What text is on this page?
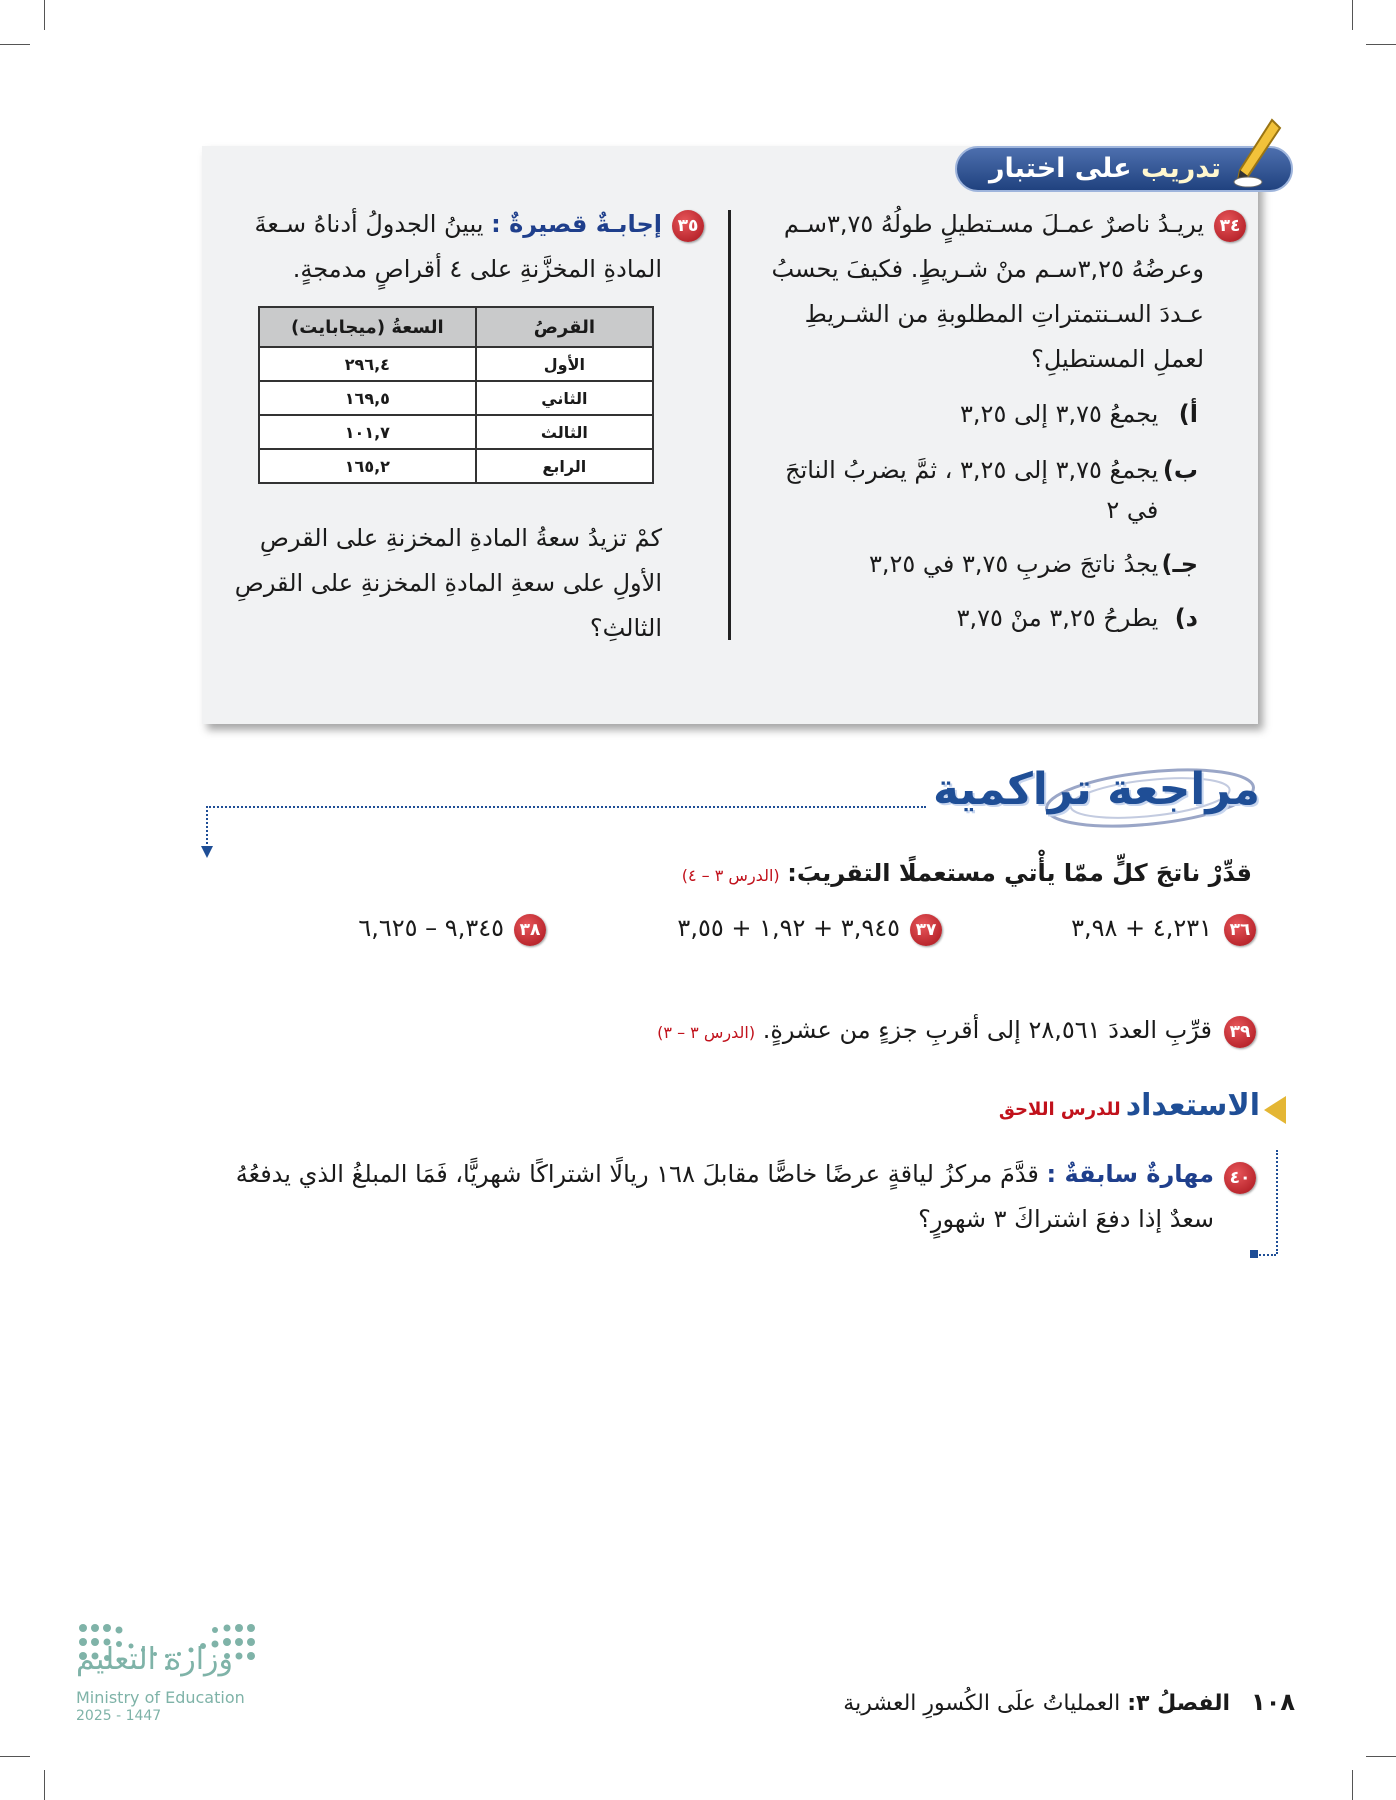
تدريب على اختبار
٣٤
يريـدُ ناصرٌ عمـلَ مسـتطيلٍ طولُهُ ٣,٧٥سـم وعرضُهُ ٣,٢٥سـم منْ شـريطٍ. فكيفَ يحسبُ عـددَ السـنتمتراتِ المطلوبةِ من الشـريطِ لعملِ المستطيلِ؟
أ) يجمعُ ٣,٧٥ إلى ٣,٢٥
ب) يجمعُ ٣,٧٥ إلى ٣,٢٥ ، ثمَّ يضربُ الناتجَ في ٢
جـ) يجدُ ناتجَ ضربِ ٣,٧٥ في ٣,٢٥
د) يطرحُ ٣,٢٥ منْ ٣,٧٥
٣٥
إجابـةٌ قصيرةٌ : يبينُ الجدولُ أدناهُ سـعةَ المادةِ المخزَّنةِ على ٤ أقراصٍ مدمجةٍ.
القرصُ	السعةُ (ميجابايت)
الأول	٢٩٦,٤
الثاني	١٦٩,٥
الثالث	١٠١,٧
الرابع	١٦٥,٢
كمْ تزيدُ سعةُ المادةِ المخزنةِ على القرصِ الأولِ على سعةِ المادةِ المخزنةِ على القرصِ الثالثِ؟
مراجعة تراكمية
قدِّرْ ناتجَ كلٍّ ممّا يأْتي مستعملًا التقريبَ: (الدرس ٣ – ٤)
٣٦
٤,٢٣١ + ٣,٩٨
٣٧
٣,٩٤٥ + ١,٩٢ + ٣,٥٥
٣٨
٩,٣٤٥ – ٦,٦٢٥
٣٩
قرِّبِ العددَ ٢٨,٥٦١ إلى أقربِ جزءٍ من عشرةٍ. (الدرس ٣ – ٣)
الاستعداد للدرس اللاحق
٤٠
مهارةٌ سابقةٌ : قدَّمَ مركزُ لياقةٍ عرضًا خاصًّا مقابلَ ١٦٨ ريالًا اشتراكًا شهريًّا، فَمَا المبلغُ الذي يدفعُهُ سعدٌ إذا دفعَ اشتراكَ ٣ شهورٍ؟
١٠٨ الفصلُ ٣: العملياتُ علَى الكُسورِ العشرية
وزارة التعليم
Ministry of Education
2025 - 1447
